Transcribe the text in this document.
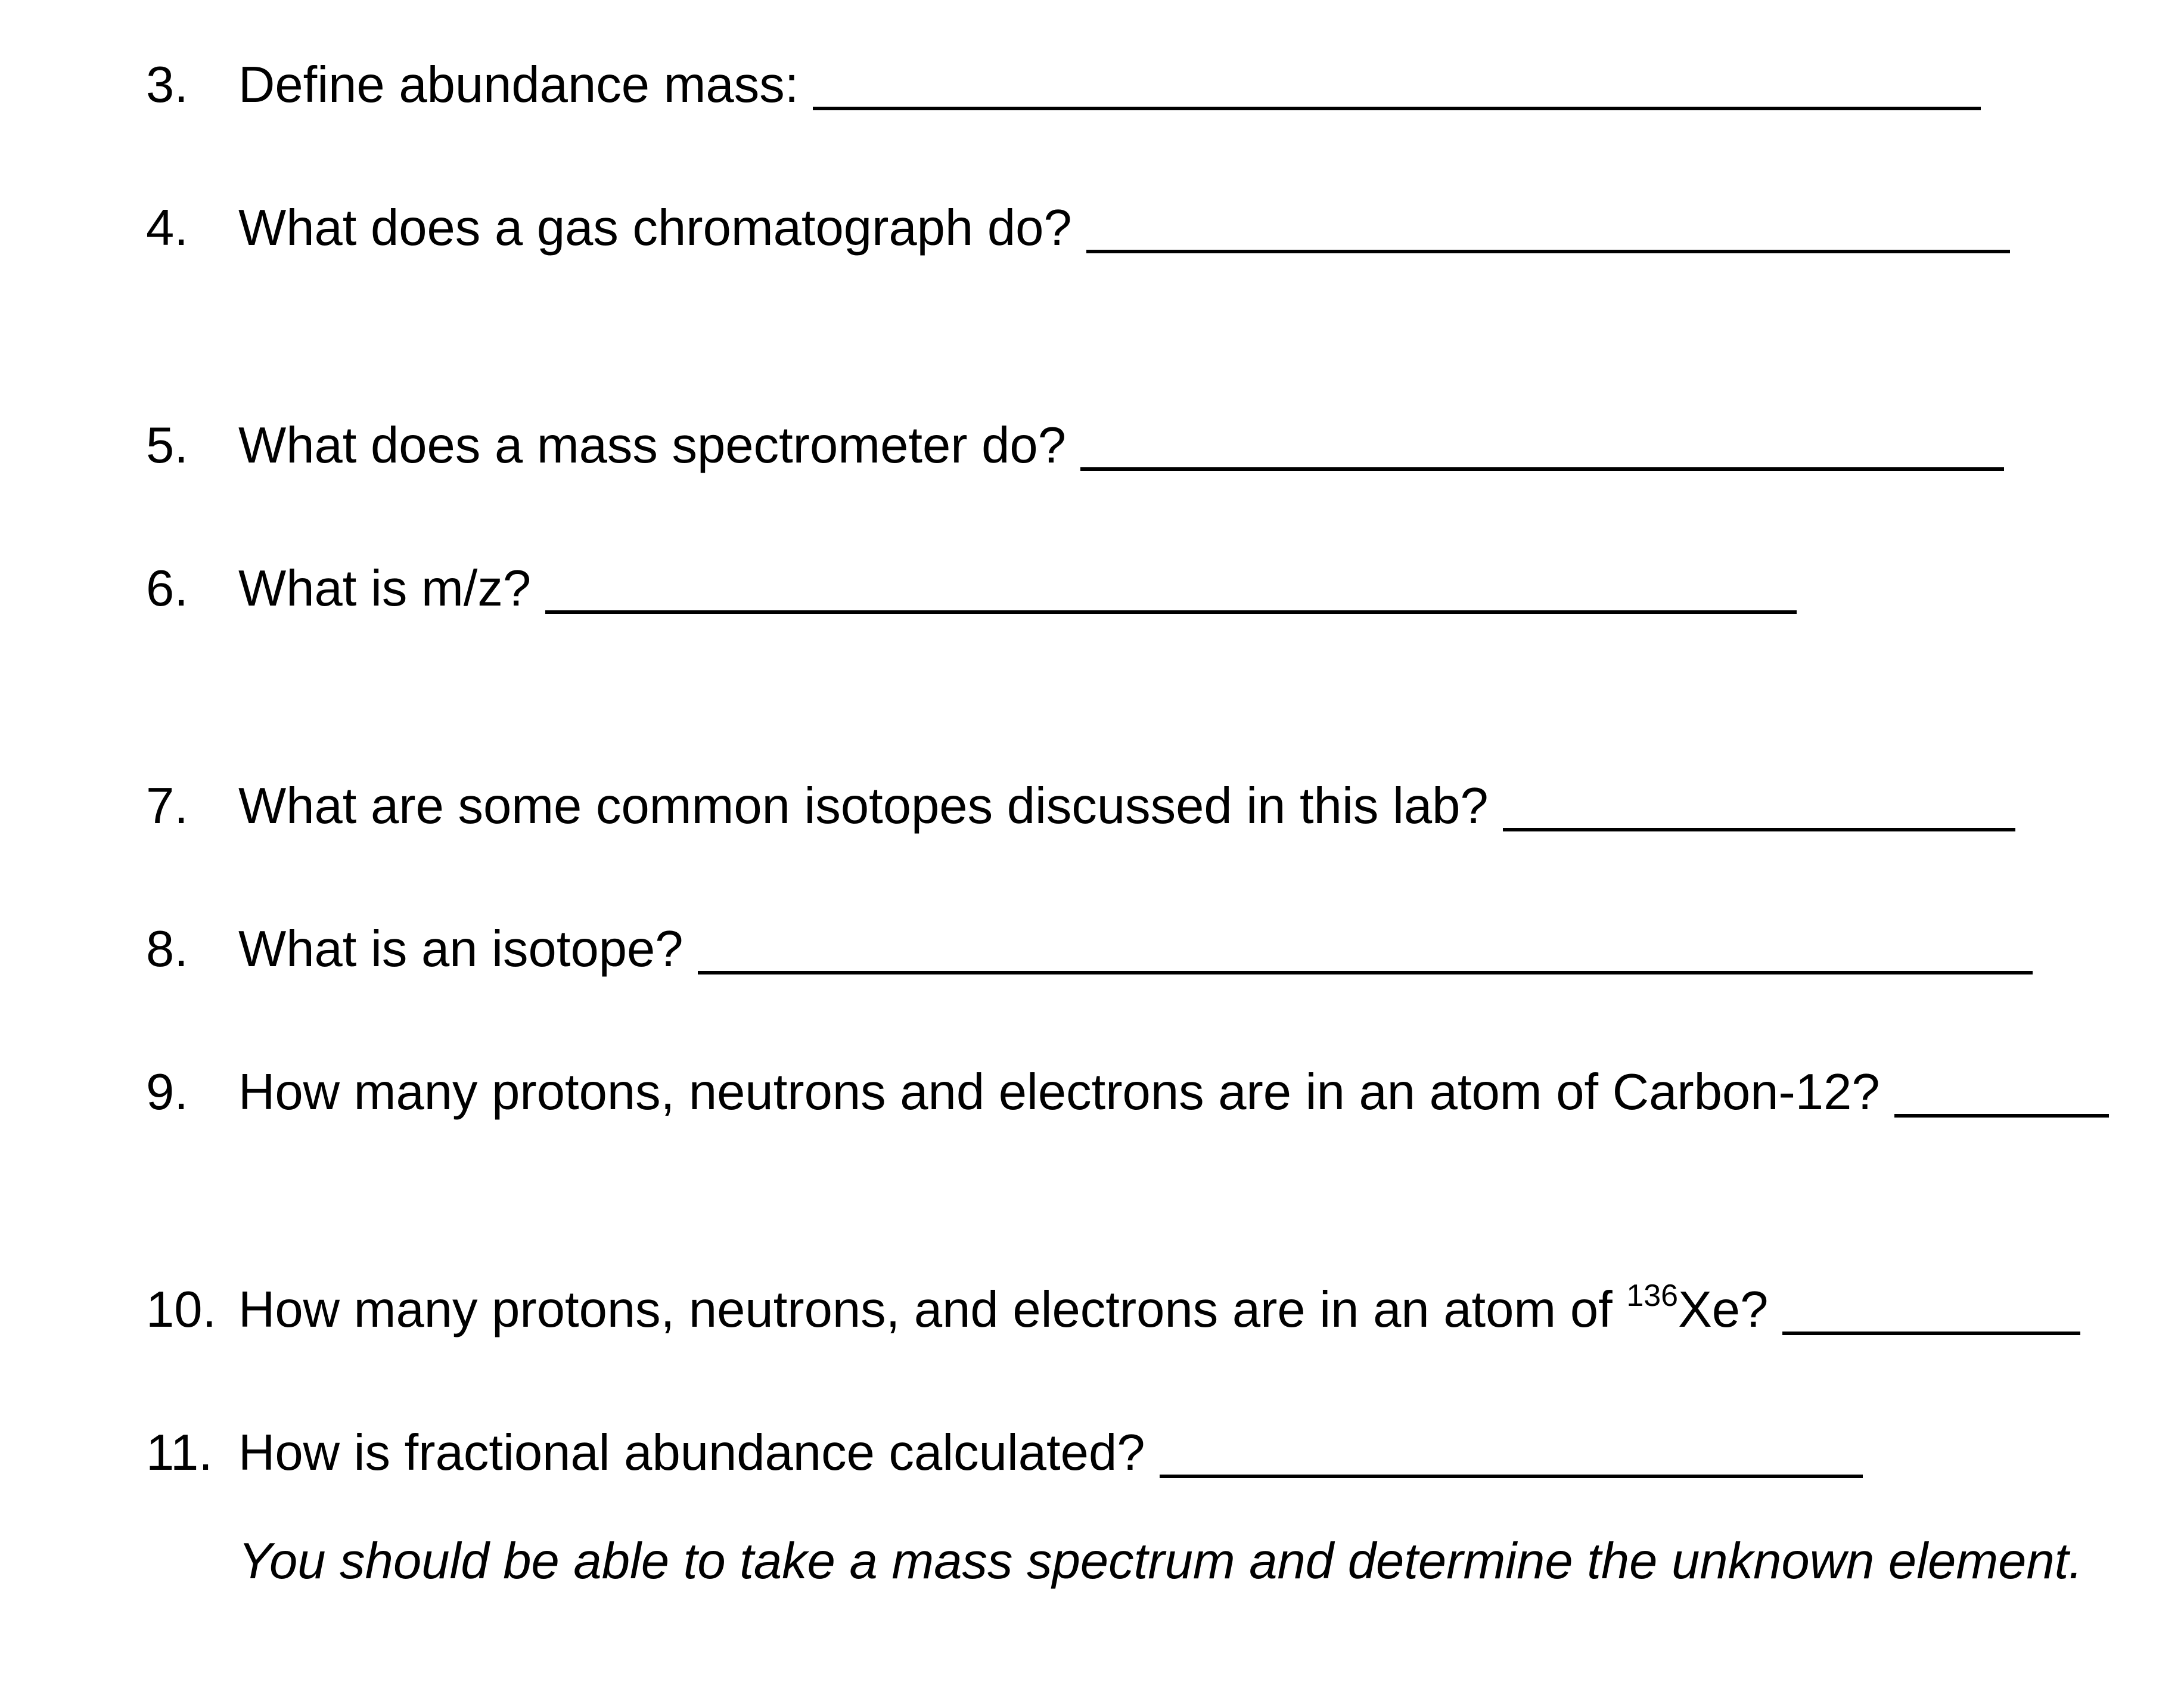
3. Define abundance mass:
4. What does a gas chromatograph do?
5. What does a mass spectrometer do?
6. What is m/z?
7. What are some common isotopes discussed in this lab?
8. What is an isotope?
9. How many protons, neutrons and electrons are in an atom of Carbon-12?
10. How many protons, neutrons, and electrons are in an atom of $^{136}$Xe?
11. How is fractional abundance calculated?
You should be able to take a mass spectrum and determine the unknown element.
